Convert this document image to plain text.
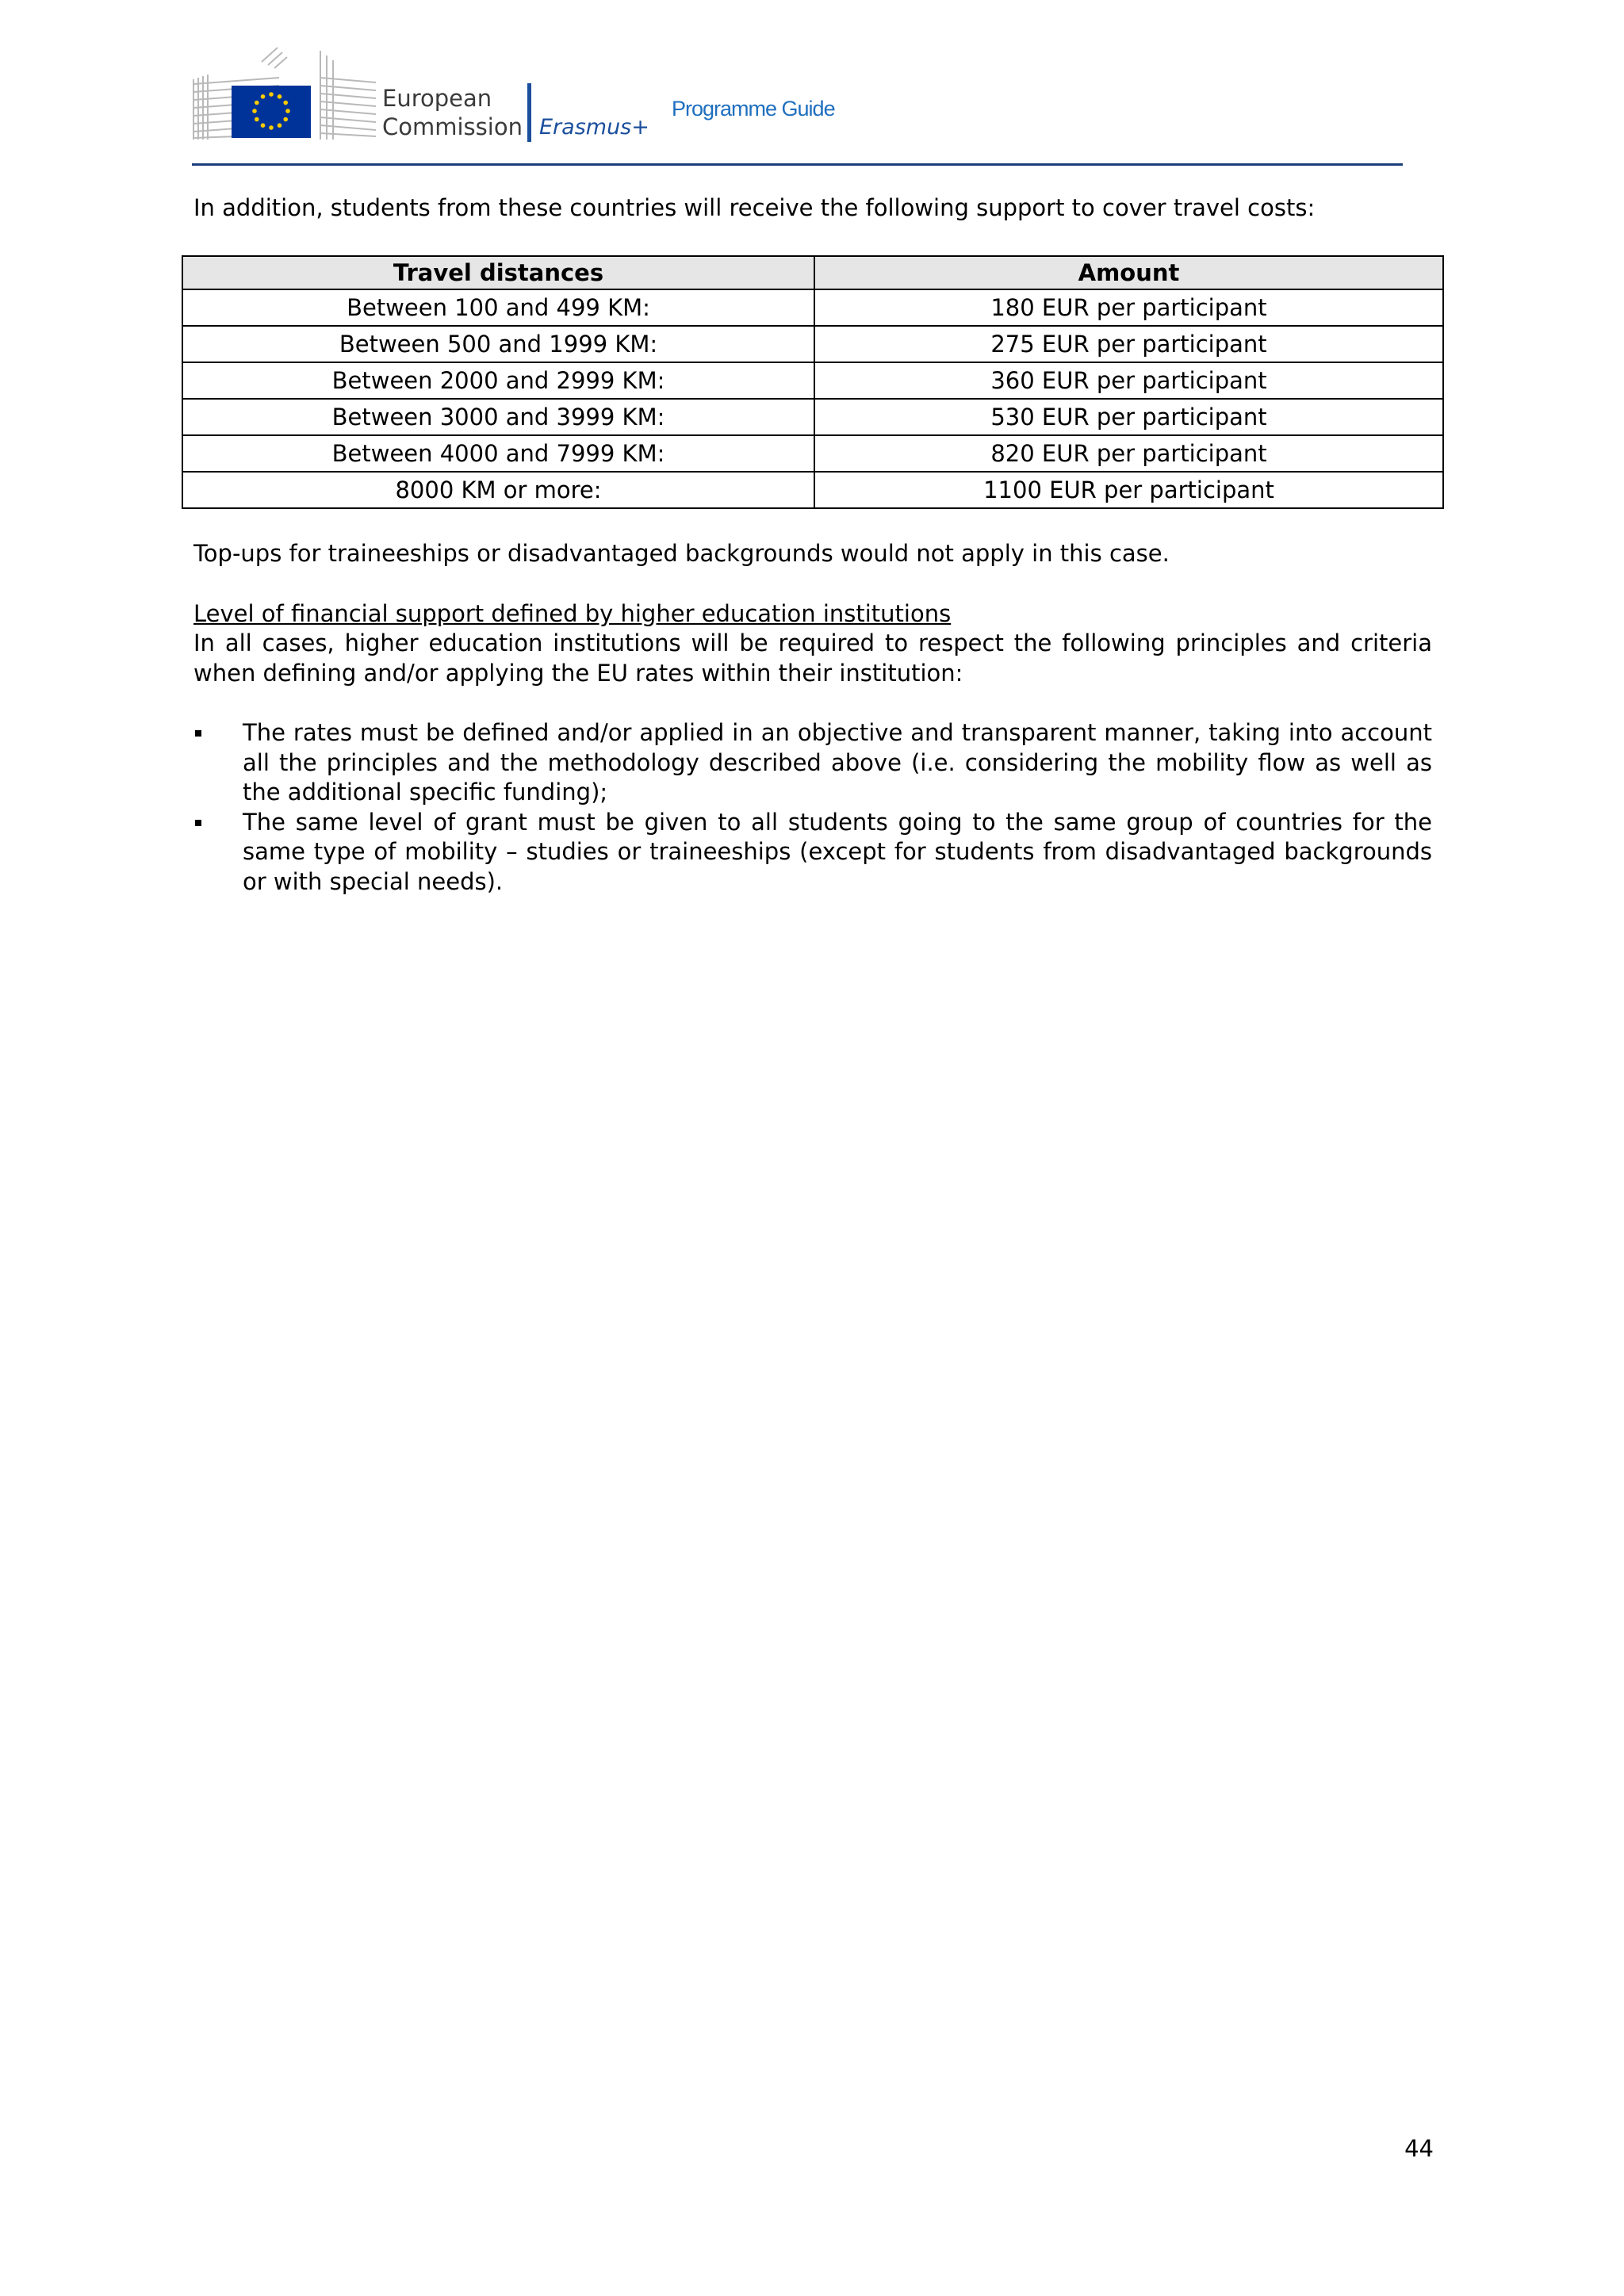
European
Commission Erasmus+
Programme Guide

In addition, students from these countries will receive the following support to cover travel costs:

Travel distances	Amount
Between 100 and 499 KM:	180 EUR per participant
Between 500 and 1999 KM:	275 EUR per participant
Between 2000 and 2999 KM:	360 EUR per participant
Between 3000 and 3999 KM:	530 EUR per participant
Between 4000 and 7999 KM:	820 EUR per participant
8000 KM or more:	1100 EUR per participant

Top-ups for traineeships or disadvantaged backgrounds would not apply in this case.

Level of financial support defined by higher education institutions

In all cases, higher education institutions will be required to respect the following principles and criteria when defining and/or applying the EU rates within their institution:

The rates must be defined and/or applied in an objective and transparent manner, taking into account all the principles and the methodology described above (i.e. considering the mobility flow as well as the additional specific funding);
The same level of grant must be given to all students going to the same group of countries for the same type of mobility – studies or traineeships (except for students from disadvantaged backgrounds or with special needs).
44
